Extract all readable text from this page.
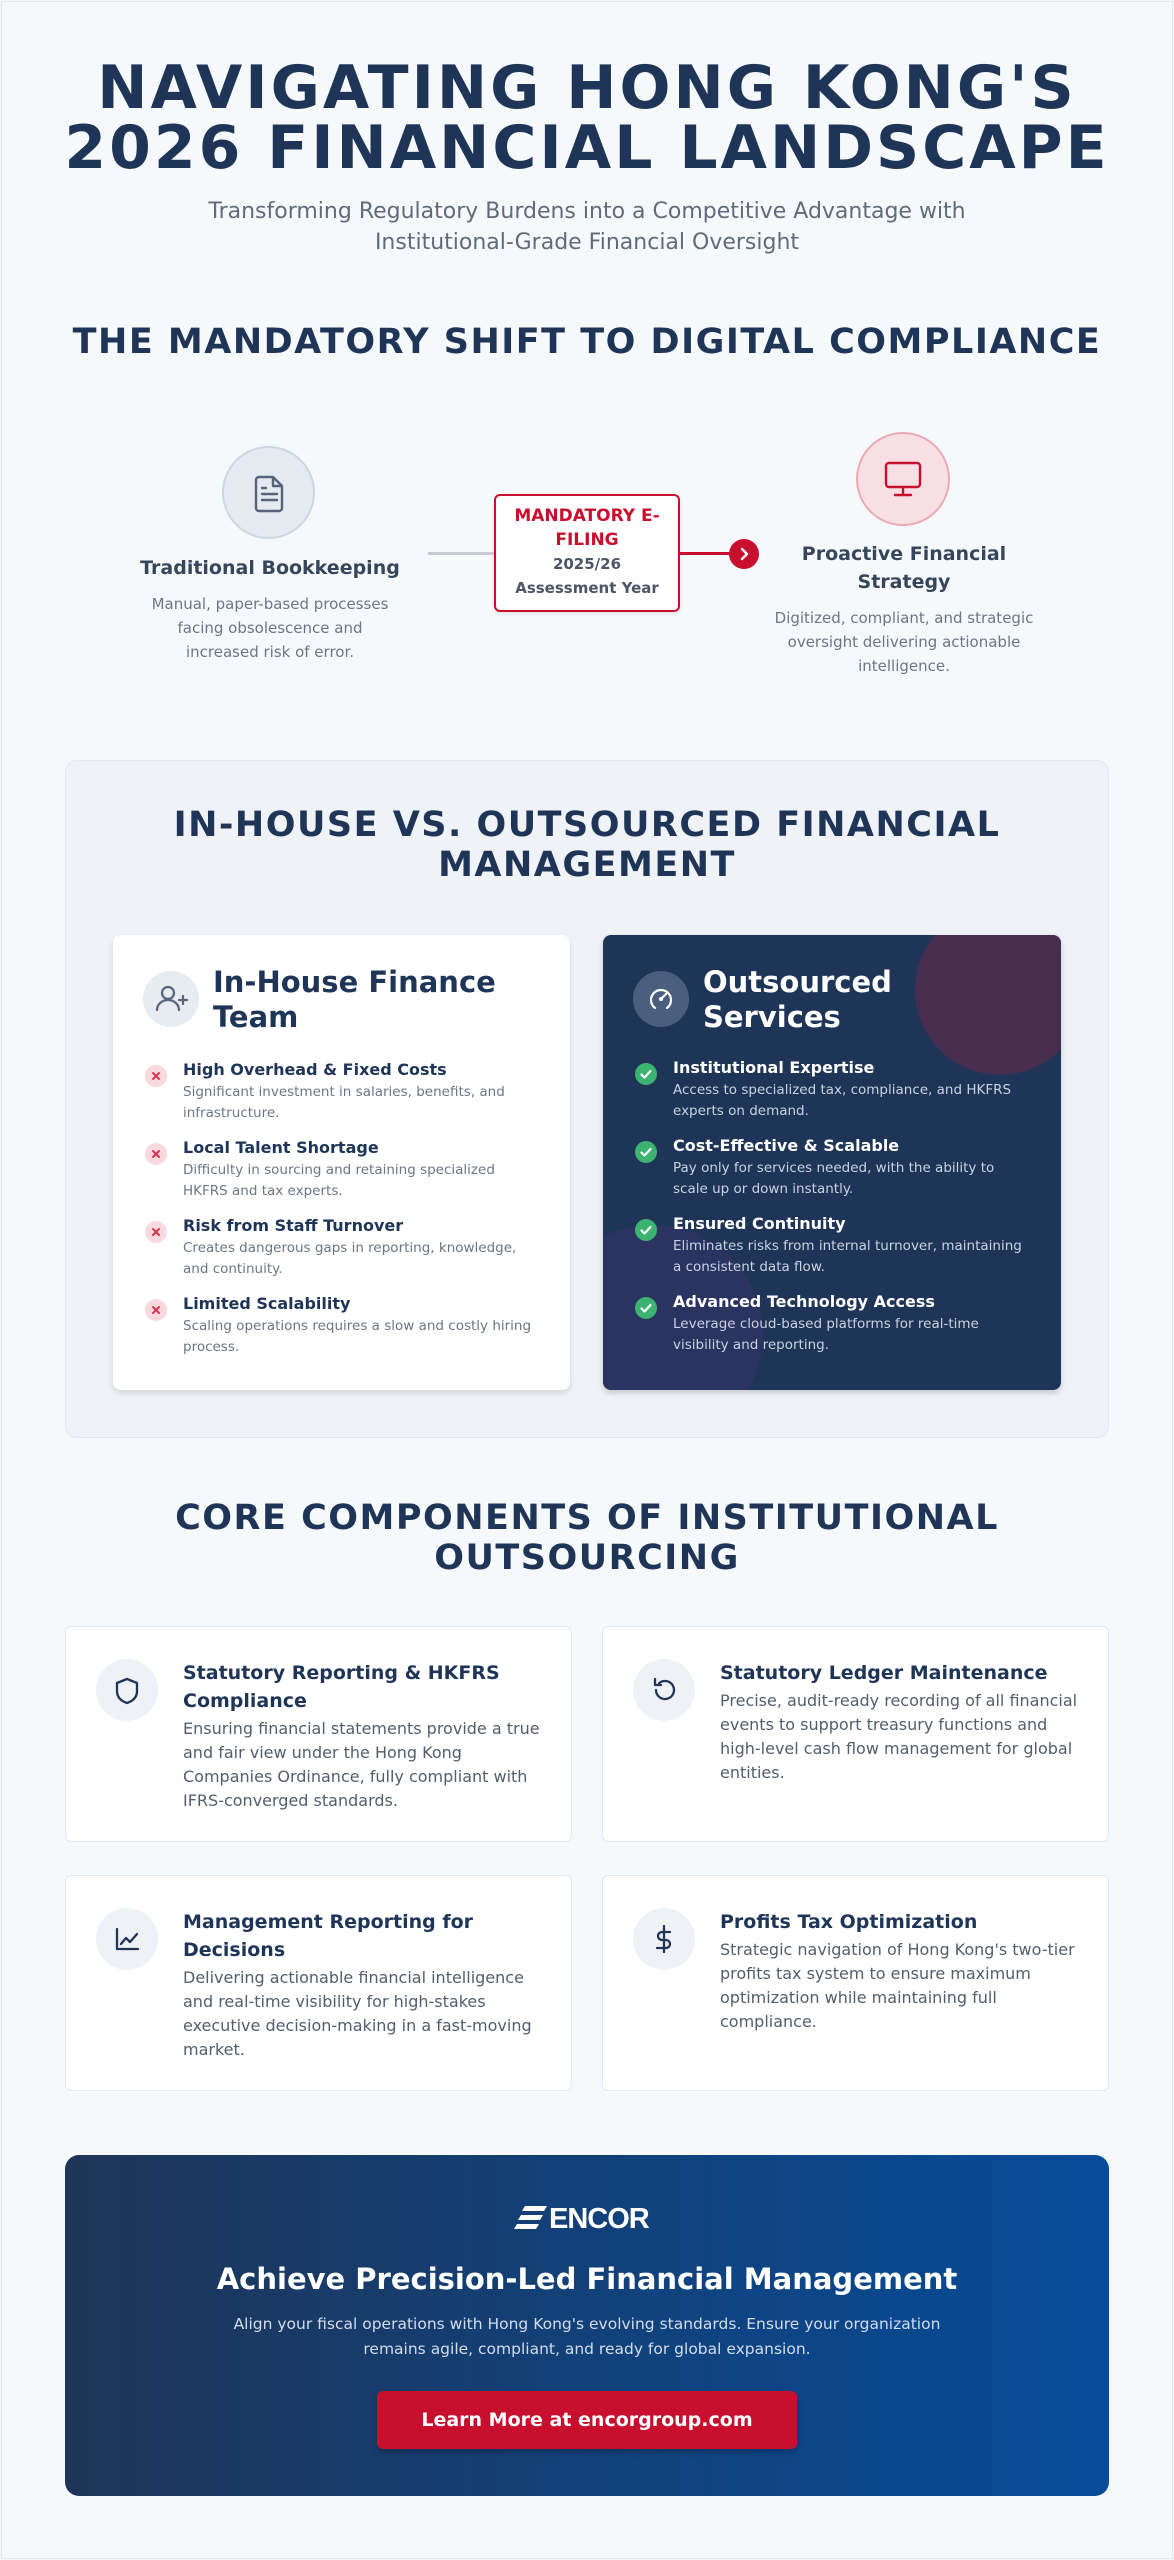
NAVIGATING HONG KONG'S
2026 FINANCIAL LANDSCAPE
Transforming Regulatory Burdens into a Competitive Advantage with
Institutional-Grade Financial Oversight
THE MANDATORY SHIFT TO DIGITAL COMPLIANCE
Traditional Bookkeeping
Manual, paper-based processes
facing obsolescence and
increased risk of error.
MANDATORY E-
FILING
2025/26
Assessment Year
Proactive Financial
Strategy
Digitized, compliant, and strategic
oversight delivering actionable
intelligence.
IN-HOUSE VS. OUTSOURCED FINANCIAL
MANAGEMENT
In-House Finance
Team
High Overhead & Fixed Costs
Significant investment in salaries, benefits, and
infrastructure.
Local Talent Shortage
Difficulty in sourcing and retaining specialized
HKFRS and tax experts.
Risk from Staff Turnover
Creates dangerous gaps in reporting, knowledge,
and continuity.
Limited Scalability
Scaling operations requires a slow and costly hiring
process.
Outsourced
Services
Institutional Expertise
Access to specialized tax, compliance, and HKFRS
experts on demand.
Cost-Effective & Scalable
Pay only for services needed, with the ability to
scale up or down instantly.
Ensured Continuity
Eliminates risks from internal turnover, maintaining
a consistent data flow.
Advanced Technology Access
Leverage cloud-based platforms for real-time
visibility and reporting.
CORE COMPONENTS OF INSTITUTIONAL
OUTSOURCING
Statutory Reporting & HKFRS
Compliance
Ensuring financial statements provide a true
and fair view under the Hong Kong
Companies Ordinance, fully compliant with
IFRS-converged standards.
Statutory Ledger Maintenance
Precise, audit-ready recording of all financial
events to support treasury functions and
high-level cash flow management for global
entities.
Management Reporting for
Decisions
Delivering actionable financial intelligence
and real-time visibility for high-stakes
executive decision-making in a fast-moving
market.
Profits Tax Optimization
Strategic navigation of Hong Kong's two-tier
profits tax system to ensure maximum
optimization while maintaining full
compliance.
ENCOR
Achieve Precision-Led Financial Management
Align your fiscal operations with Hong Kong's evolving standards. Ensure your organization
remains agile, compliant, and ready for global expansion.
Learn More at encorgroup.com
